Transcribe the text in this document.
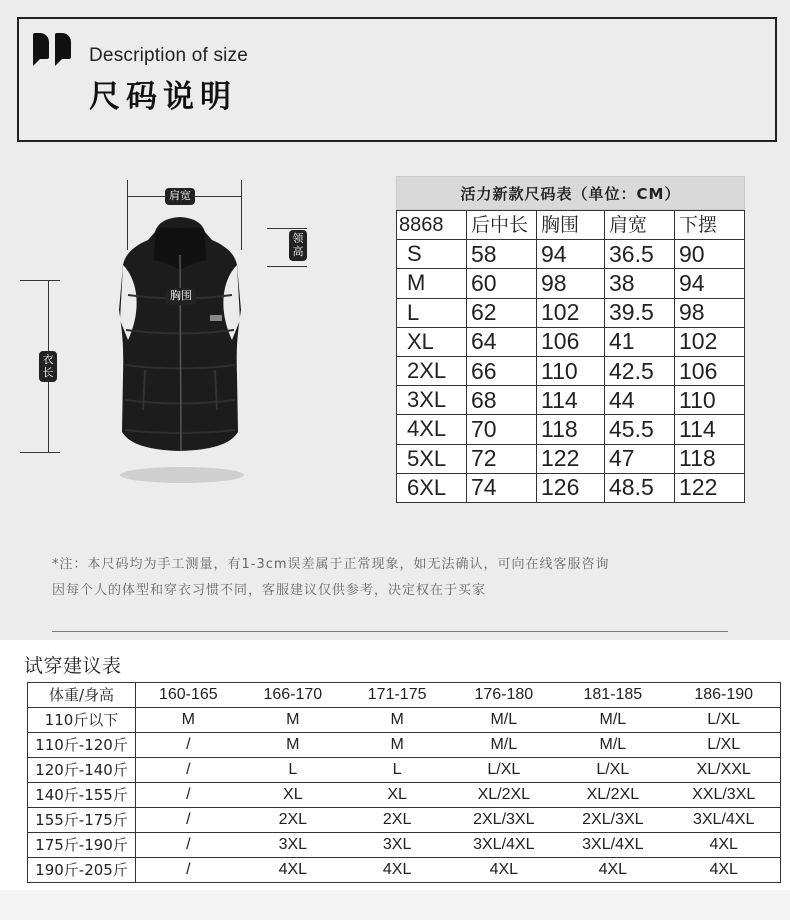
Description of size
尺码说明
肩宽
领
高
胸围
衣
长
活力新款尺码表（单位：CM）
8868	后中长	胸围	肩宽	下摆
S	58	94	36.5	90
M	60	98	38	94
L	62	102	39.5	98
XL	64	106	41	102
2XL	66	110	42.5	106
3XL	68	114	44	110
4XL	70	118	45.5	114
5XL	72	122	47	118
6XL	74	126	48.5	122
*注：本尺码均为手工测量，有1-3cm误差属于正常现象，如无法确认，可向在线客服咨询
因每个人的体型和穿衣习惯不同，客服建议仅供参考，决定权在于买家
试穿建议表
体重/身高	160-165	166-170	171-175	176-180	181-185	186-190
110斤以下	M	M	M	M/L	M/L	L/XL
110斤-120斤	/	M	M	M/L	M/L	L/XL
120斤-140斤	/	L	L	L/XL	L/XL	XL/XXL
140斤-155斤	/	XL	XL	XL/2XL	XL/2XL	XXL/3XL
155斤-175斤	/	2XL	2XL	2XL/3XL	2XL/3XL	3XL/4XL
175斤-190斤	/	3XL	3XL	3XL/4XL	3XL/4XL	4XL
190斤-205斤	/	4XL	4XL	4XL	4XL	4XL
